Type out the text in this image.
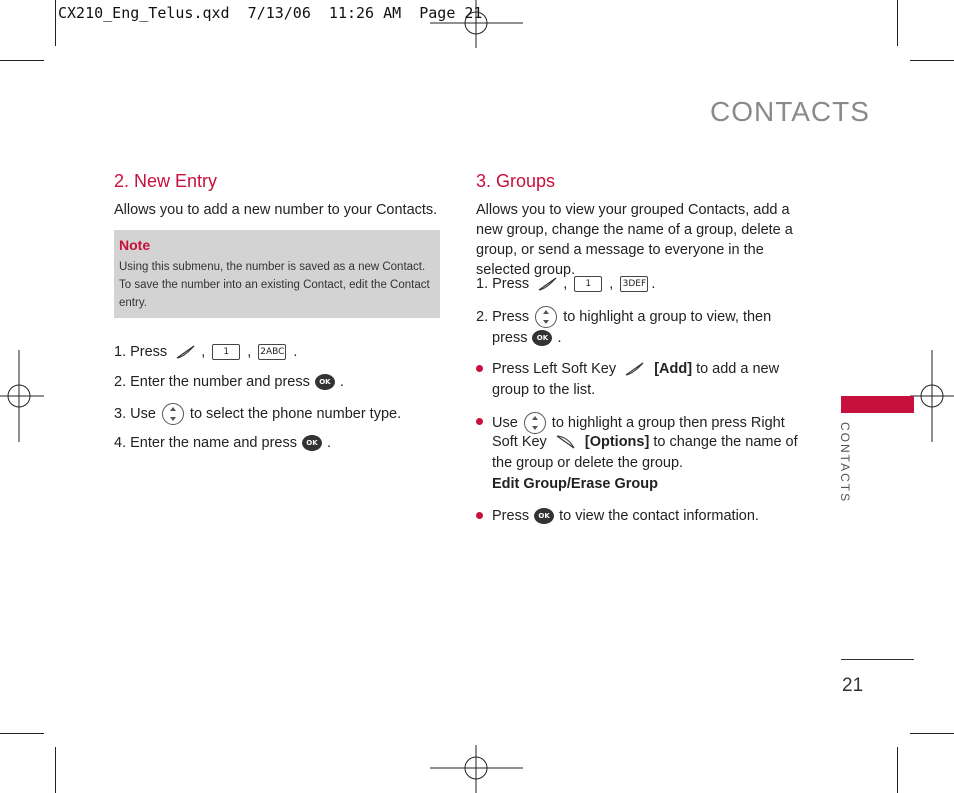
CX210_Eng_Telus.qxd  7/13/06  11:26 AM  Page 21
CONTACTS
2. New Entry
Allows you to add a new number to your Contacts.
Note
Using this submenu, the number is saved as a new Contact. To save the number into an existing Contact, edit the Contact entry.
1. Press , 1 , 2ABC .
2. Enter the number and press OK .
3. Use to select the phone number type.
4. Enter the name and press OK .
3. Groups
Allows you to view your grouped Contacts, add a new group, change the name of a group, delete a group, or send a message to everyone in the selected group.
1. Press , 1 , 3DEF .
2. Press to highlight a group to view, then
press OK .
Press Left Soft Key	[Add] to add a new
group to the list.
Use to highlight a group then press Right
Soft Key	[Options] to change the name of
the group or delete the group.
Edit Group/Erase Group
Press OK to view the contact information.
CONTACTS
21
